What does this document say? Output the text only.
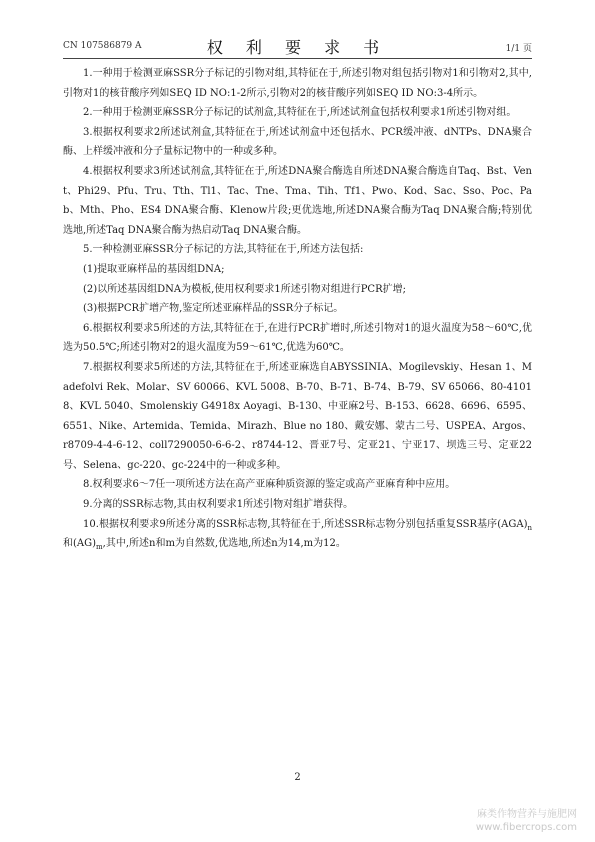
CN 107586879 A	权 利 要 求 书	1/1 页

1.一种用于检测亚麻SSR分子标记的引物对组,其特征在于,所述引物对组包括引物对1和引物对2,其中,引物对1的核苷酸序列如SEQ ID NO:1-2所示,引物对2的核苷酸序列如SEQ ID NO:3-4所示。

2.一种用于检测亚麻SSR分子标记的试剂盒,其特征在于,所述试剂盒包括权利要求1所述引物对组。

3.根据权利要求2所述试剂盒,其特征在于,所述试剂盒中还包括水、PCR缓冲液、dNTPs、DNA聚合酶、上样缓冲液和分子量标记物中的一种或多种。

4.根据权利要求3所述试剂盒,其特征在于,所述DNA聚合酶选自所述DNA聚合酶选自Taq、Bst、Vent、Phi29、Pfu、Tru、Tth、Tl1、Tac、Tne、Tma、Tih、Tf1、Pwo、Kod、Sac、Sso、Poc、Pab、Mth、Pho、ES4 DNA聚合酶、Klenow片段;更优选地,所述DNA聚合酶为Taq DNA聚合酶;特别优选地,所述Taq DNA聚合酶为热启动Taq DNA聚合酶。

5.一种检测亚麻SSR分子标记的方法,其特征在于,所述方法包括:

(1)提取亚麻样品的基因组DNA;

(2)以所述基因组DNA为模板,使用权利要求1所述引物对组进行PCR扩增;

(3)根据PCR扩增产物,鉴定所述亚麻样品的SSR分子标记。

6.根据权利要求5所述的方法,其特征在于,在进行PCR扩增时,所述引物对1的退火温度为58～60℃,优选为50.5℃;所述引物对2的退火温度为59～61℃,优选为60℃。

7.根据权利要求5所述的方法,其特征在于,所述亚麻选自ABYSSINIA、Mogilevskiy、Hesan 1、Madefolvi Rek、Molar、SV 60066、KVL 5008、B-70、B-71、B-74、B-79、SV 65066、80-41018、KVL 5040、Smolenskiy G4918x Aoyagi、B-130、中亚麻2号、B-153、6628、6696、6595、6551、Nike、Artemida、Temida、Mirazh、Blue no 180、戴安娜、蒙古二号、USPEA、Argos、r8709-4-4-6-12、coll7290050-6-6-2、r8744-12、晋亚7号、定亚21、宁亚17、坝选三号、定亚22号、Selena、gc-220、gc-224中的一种或多种。

8.权利要求6～7任一项所述方法在高产亚麻种质资源的鉴定或高产亚麻育种中应用。

9.分离的SSR标志物,其由权利要求1所述引物对组扩增获得。

10.根据权利要求9所述分离的SSR标志物,其特征在于,所述SSR标志物分别包括重复SSR基序$(AGA)_n$和$(AG)_m$,其中,所述n和m为自然数,优选地,所述n为14,m为12。

2
麻类作物营养与施肥网
www.fibercrops.com
